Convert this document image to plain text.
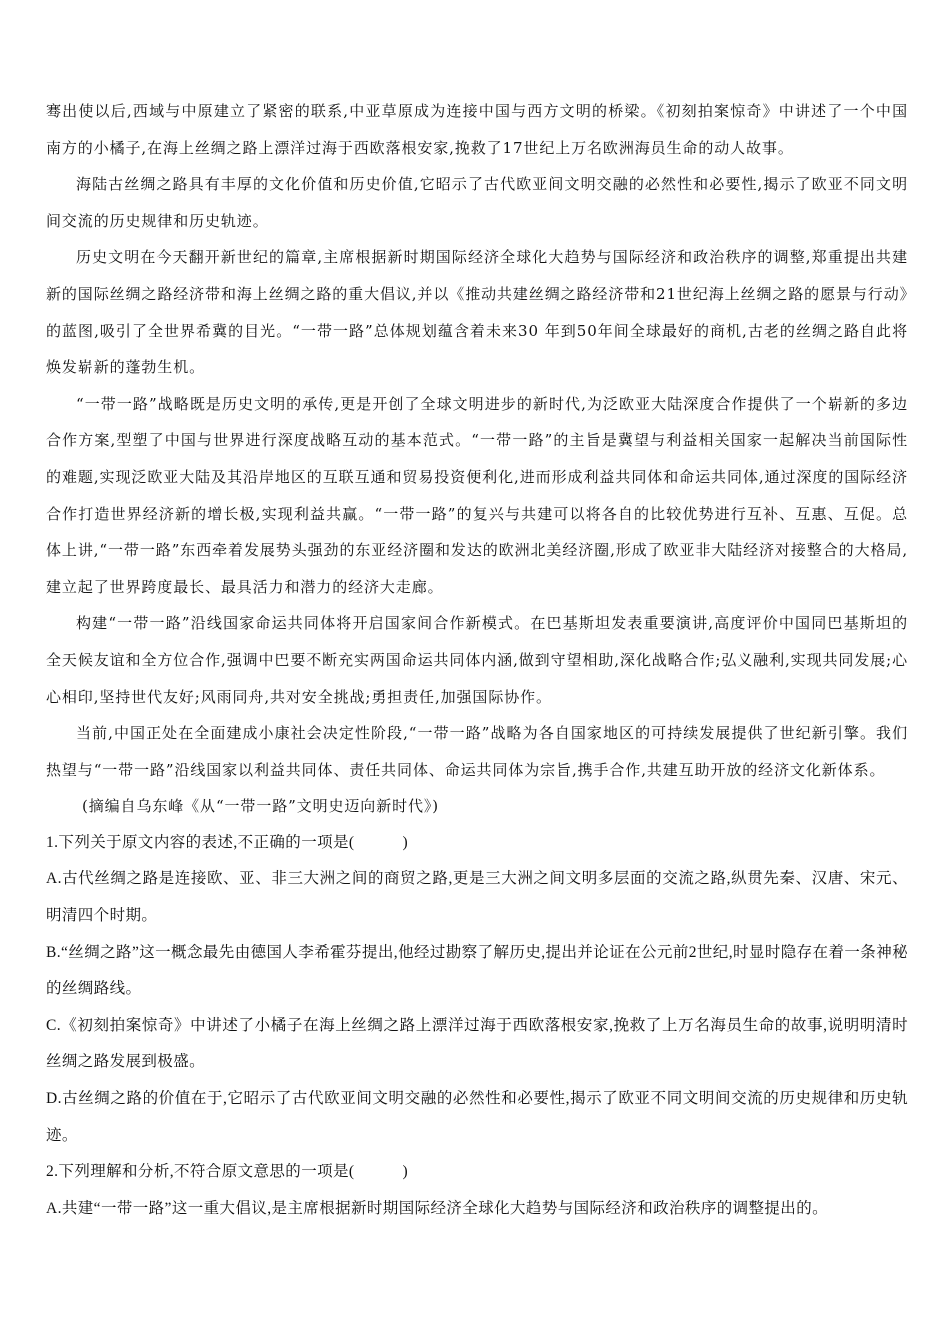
骞出使以后,西域与中原建立了紧密的联系,中亚草原成为连接中国与西方文明的桥梁。《初刻拍案惊奇》中讲述了一个中国南方的小橘子,在海上丝绸之路上漂洋过海于西欧落根安家,挽救了17世纪上万名欧洲海员生命的动人故事。

海陆古丝绸之路具有丰厚的文化价值和历史价值,它昭示了古代欧亚间文明交融的必然性和必要性,揭示了欧亚不同文明间交流的历史规律和历史轨迹。

历史文明在今天翻开新世纪的篇章,主席根据新时期国际经济全球化大趋势与国际经济和政治秩序的调整,郑重提出共建新的国际丝绸之路经济带和海上丝绸之路的重大倡议,并以《推动共建丝绸之路经济带和21世纪海上丝绸之路的愿景与行动》的蓝图,吸引了全世界希冀的目光。“一带一路”总体规划蕴含着未来30 年到50年间全球最好的商机,古老的丝绸之路自此将焕发崭新的蓬勃生机。

“一带一路”战略既是历史文明的承传,更是开创了全球文明进步的新时代,为泛欧亚大陆深度合作提供了一个崭新的多边合作方案,型塑了中国与世界进行深度战略互动的基本范式。“一带一路”的主旨是冀望与利益相关国家一起解决当前国际性的难题,实现泛欧亚大陆及其沿岸地区的互联互通和贸易投资便利化,进而形成利益共同体和命运共同体,通过深度的国际经济合作打造世界经济新的增长极,实现利益共赢。“一带一路”的复兴与共建可以将各自的比较优势进行互补、互惠、互促。总体上讲,“一带一路”东西牵着发展势头强劲的东亚经济圈和发达的欧洲北美经济圈,形成了欧亚非大陆经济对接整合的大格局,建立起了世界跨度最长、最具活力和潜力的经济大走廊。

构建“一带一路”沿线国家命运共同体将开启国家间合作新模式。在巴基斯坦发表重要演讲,高度评价中国同巴基斯坦的全天候友谊和全方位合作,强调中巴要不断充实两国命运共同体内涵,做到守望相助,深化战略合作;弘义融利,实现共同发展;心心相印,坚持世代友好;风雨同舟,共对安全挑战;勇担责任,加强国际协作。

当前,中国正处在全面建成小康社会决定性阶段,“一带一路”战略为各自国家地区的可持续发展提供了世纪新引擎。我们热望与“一带一路”沿线国家以利益共同体、责任共同体、命运共同体为宗旨,携手合作,共建互助开放的经济文化新体系。

(摘编自乌东峰《从“一带一路”文明史迈向新时代》)

1.下列关于原文内容的表述,不正确的一项是(	)

A.古代丝绸之路是连接欧、亚、非三大洲之间的商贸之路,更是三大洲之间文明多层面的交流之路,纵贯先秦、汉唐、宋元、明清四个时期。

B.“丝绸之路”这一概念最先由德国人李希霍芬提出,他经过勘察了解历史,提出并论证在公元前2世纪,时显时隐存在着一条神秘的丝绸路线。

C.《初刻拍案惊奇》中讲述了小橘子在海上丝绸之路上漂洋过海于西欧落根安家,挽救了上万名海员生命的故事,说明明清时丝绸之路发展到极盛。

D.古丝绸之路的价值在于,它昭示了古代欧亚间文明交融的必然性和必要性,揭示了欧亚不同文明间交流的历史规律和历史轨迹。

2.下列理解和分析,不符合原文意思的一项是(	)

A.共建“一带一路”这一重大倡议,是主席根据新时期国际经济全球化大趋势与国际经济和政治秩序的调整提出的。
